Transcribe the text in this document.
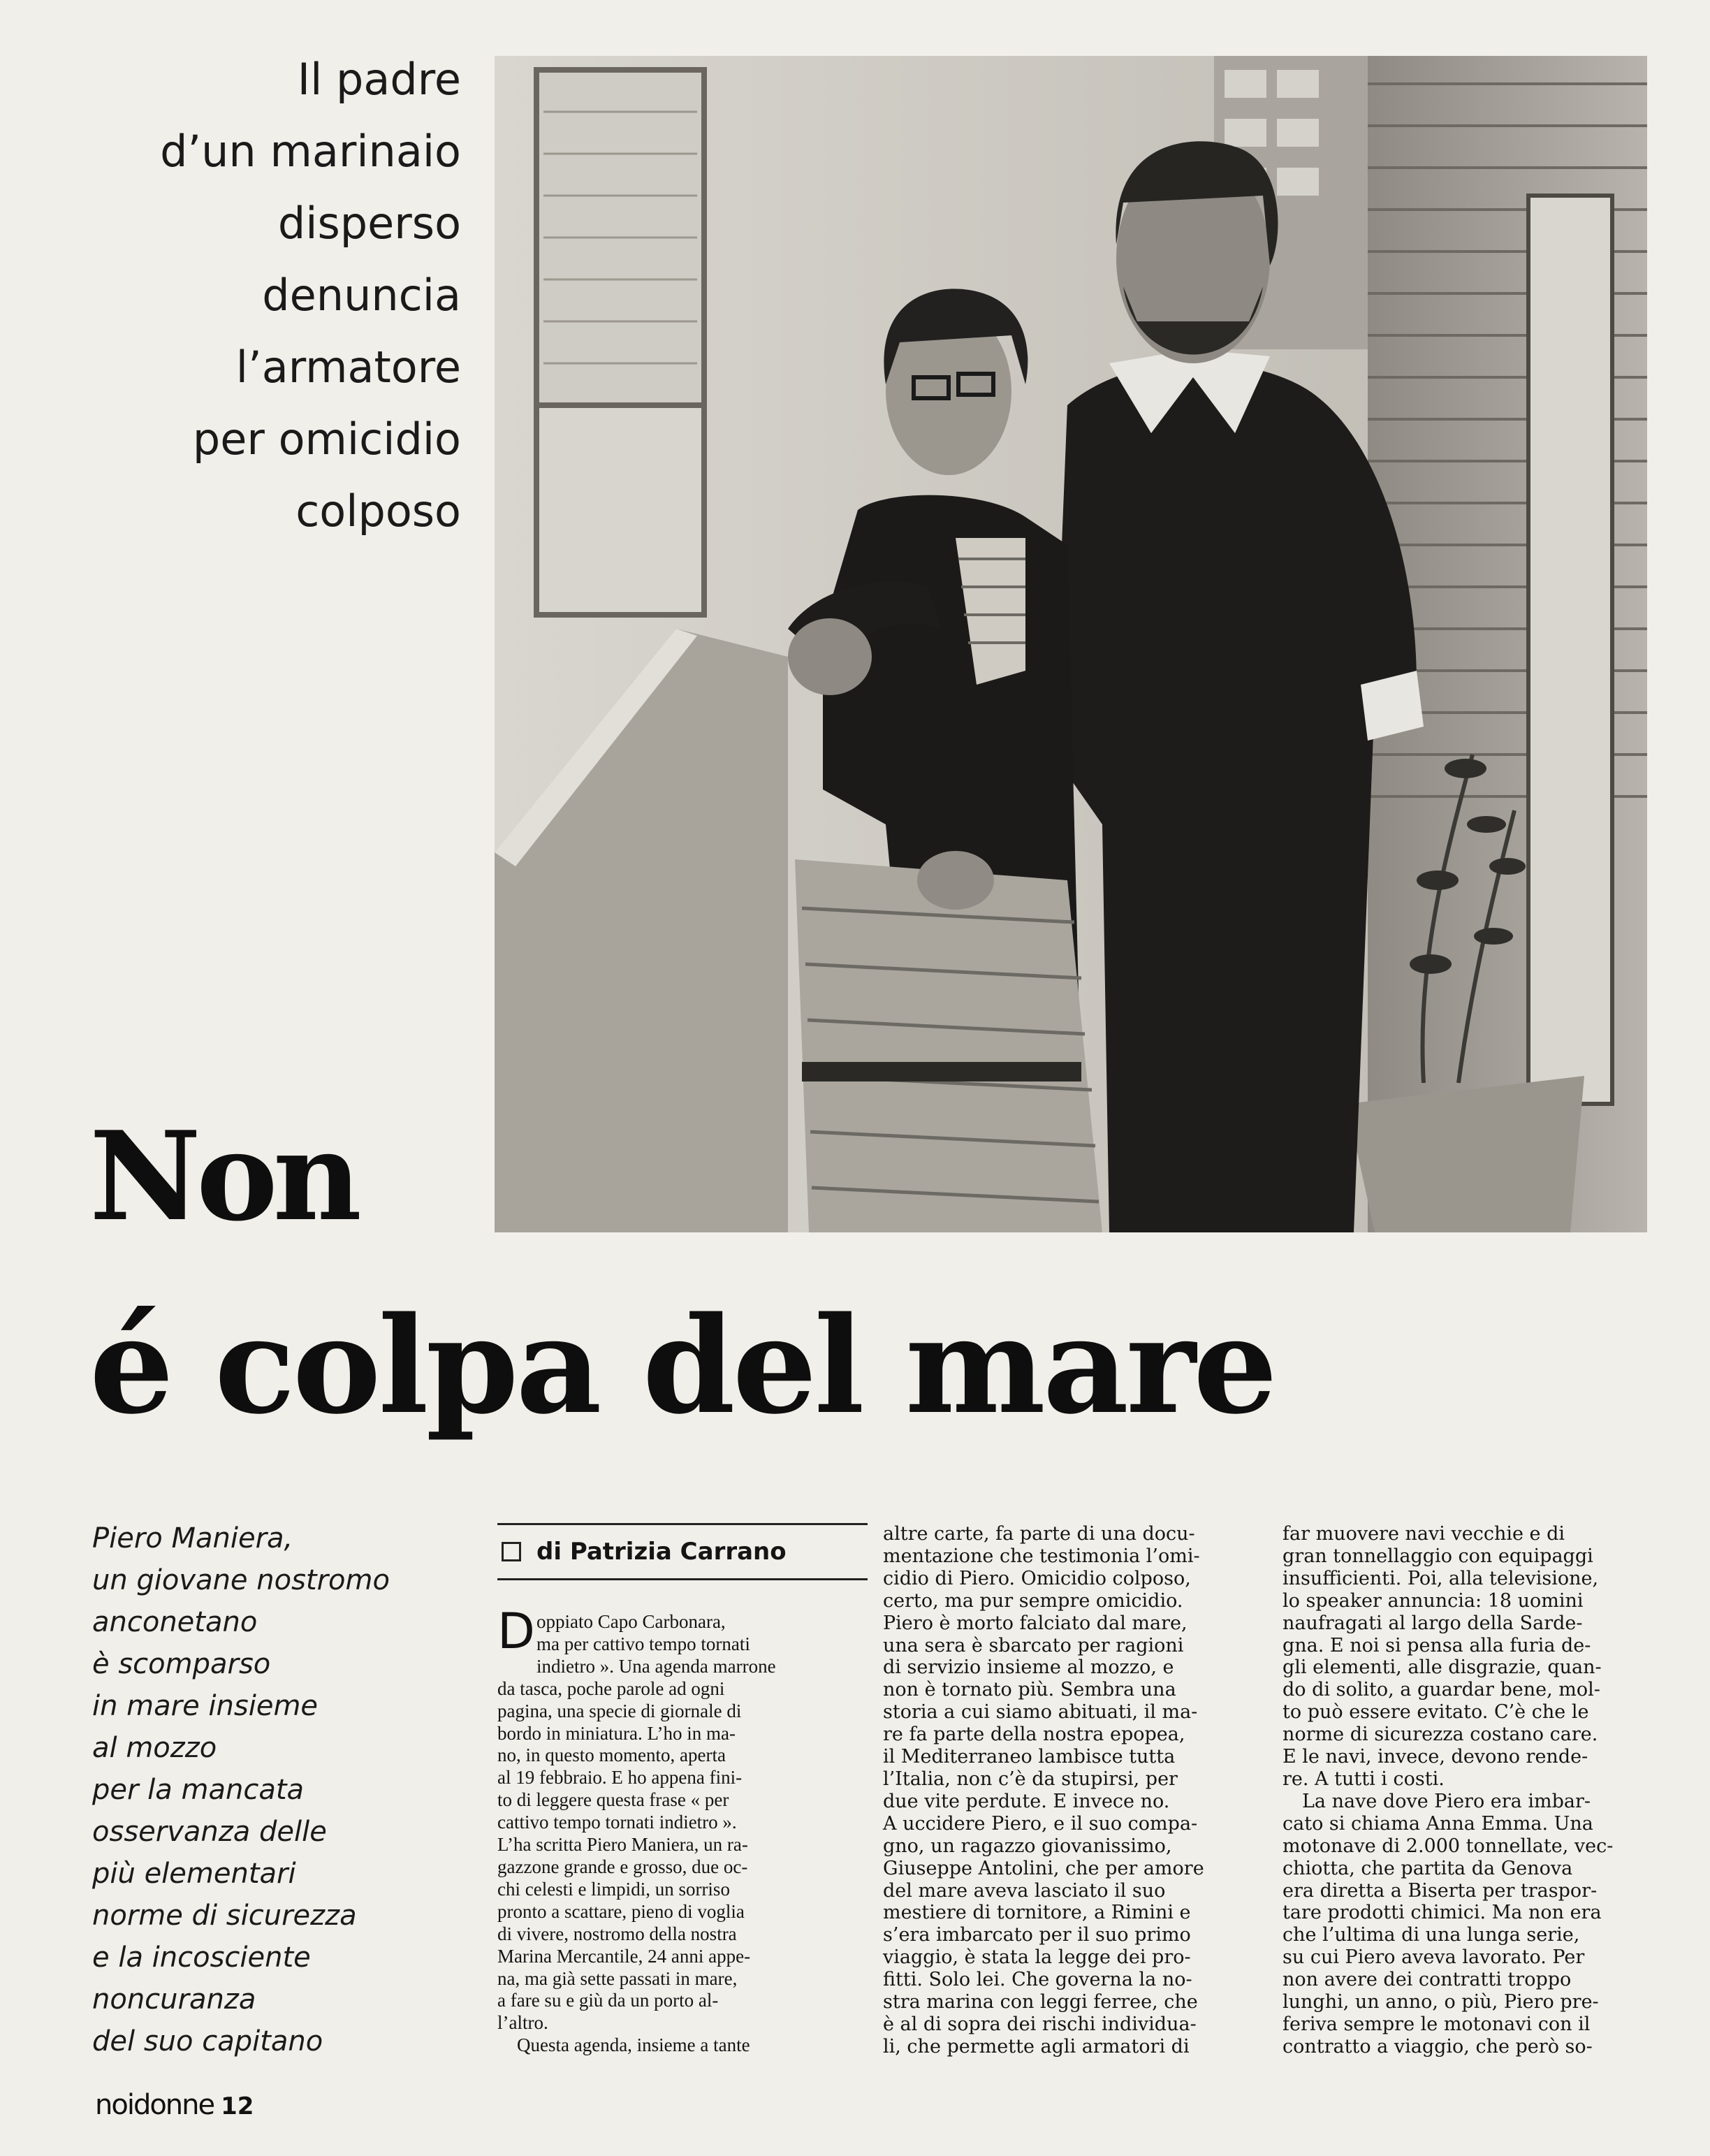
Il padre
d’un marinaio
disperso
denuncia
l’armatore
per omicidio
colposo
Non
é colpa del mare
Piero Maniera,
un giovane nostromo
anconetano
è scomparso
in mare insieme
al mozzo
per la mancata
osservanza delle
più elementari
norme di sicurezza
e la incosciente
noncuranza
del suo capitano
di Patrizia Carrano
D oppiato Capo Carbonara,
ma per cattivo tempo tornati
indietro ». Una agenda marrone
da tasca, poche parole ad ogni
pagina, una specie di giornale di
bordo in miniatura. L’ho in ma-
no, in questo momento, aperta
al 19 febbraio. E ho appena fini-
to di leggere questa frase « per
cattivo tempo tornati indietro ».
L’ha scritta Piero Maniera, un ra-
gazzone grande e grosso, due oc-
chi celesti e limpidi, un sorriso
pronto a scattare, pieno di voglia
di vivere, nostromo della nostra
Marina Mercantile, 24 anni appe-
na, ma già sette passati in mare,
a fare su e giù da un porto al-
l’altro.
Questa agenda, insieme a tante
altre carte, fa parte di una docu-
mentazione che testimonia l’omi-
cidio di Piero. Omicidio colposo,
certo, ma pur sempre omicidio.
Piero è morto falciato dal mare,
una sera è sbarcato per ragioni
di servizio insieme al mozzo, e
non è tornato più. Sembra una
storia a cui siamo abituati, il ma-
re fa parte della nostra epopea,
il Mediterraneo lambisce tutta
l’Italia, non c’è da stupirsi, per
due vite perdute. E invece no.
A uccidere Piero, e il suo compa-
gno, un ragazzo giovanissimo,
Giuseppe Antolini, che per amore
del mare aveva lasciato il suo
mestiere di tornitore, a Rimini e
s’era imbarcato per il suo primo
viaggio, è stata la legge dei pro-
fitti. Solo lei. Che governa la no-
stra marina con leggi ferree, che
è al di sopra dei rischi individua-
li, che permette agli armatori di
far muovere navi vecchie e di
gran tonnellaggio con equipaggi
insufficienti. Poi, alla televisione,
lo speaker annuncia: 18 uomini
naufragati al largo della Sarde-
gna. E noi si pensa alla furia de-
gli elementi, alle disgrazie, quan-
do di solito, a guardar bene, mol-
to può essere evitato. C’è che le
norme di sicurezza costano care.
E le navi, invece, devono rende-
re. A tutti i costi.
La nave dove Piero era imbar-
cato si chiama Anna Emma. Una
motonave di 2.000 tonnellate, vec-
chiotta, che partita da Genova
era diretta a Biserta per traspor-
tare prodotti chimici. Ma non era
che l’ultima di una lunga serie,
su cui Piero aveva lavorato. Per
non avere dei contratti troppo
lunghi, un anno, o più, Piero pre-
feriva sempre le motonavi con il
contratto a viaggio, che però so-
noidonne 12
